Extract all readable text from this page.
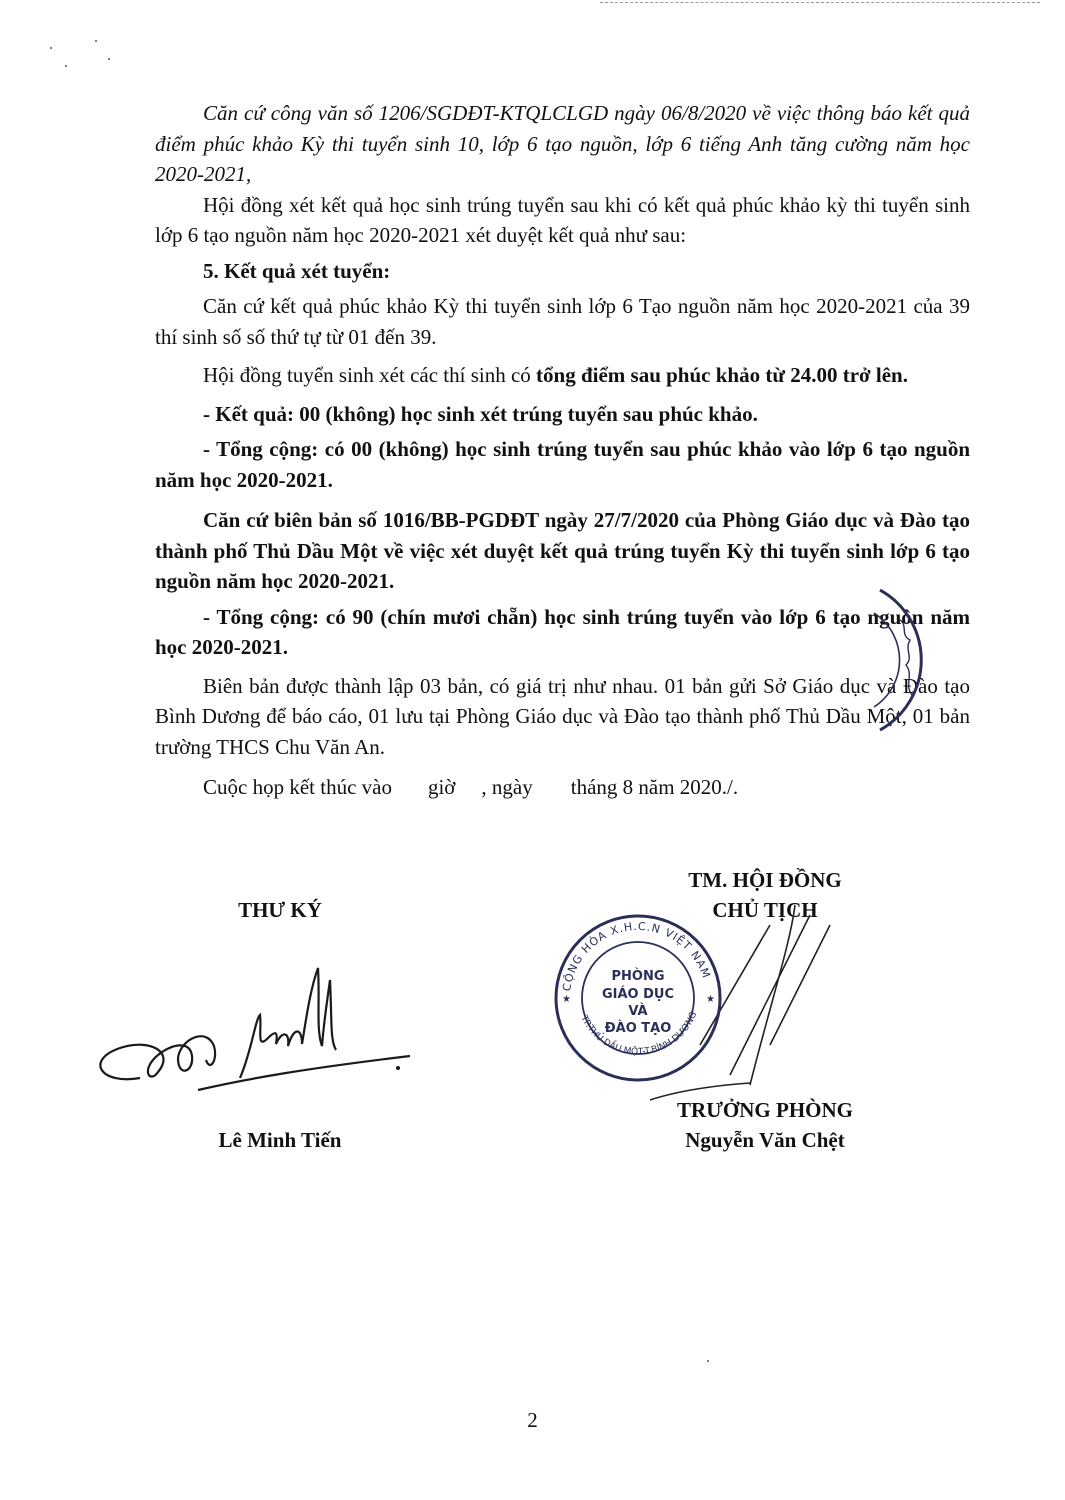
Căn cứ công văn số 1206/SGDĐT-KTQLCLGD ngày 06/8/2020 về việc thông báo kết quả điểm phúc khảo Kỳ thi tuyển sinh 10, lớp 6 tạo nguồn, lớp 6 tiếng Anh tăng cường năm học 2020-2021,

Hội đồng xét kết quả học sinh trúng tuyển sau khi có kết quả phúc khảo kỳ thi tuyển sinh lớp 6 tạo nguồn năm học 2020-2021 xét duyệt kết quả như sau:

5. Kết quả xét tuyển:

Căn cứ kết quả phúc khảo Kỳ thi tuyển sinh lớp 6 Tạo nguồn năm học 2020-2021 của 39 thí sinh số số thứ tự từ 01 đến 39.

Hội đồng tuyển sinh xét các thí sinh có tổng điểm sau phúc khảo từ 24.00 trở lên.

- Kết quả: 00 (không) học sinh xét trúng tuyển sau phúc khảo.

- Tổng cộng: có 00 (không) học sinh trúng tuyển sau phúc khảo vào lớp 6 tạo nguồn năm học 2020-2021.

Căn cứ biên bản số 1016/BB-PGDĐT ngày 27/7/2020 của Phòng Giáo dục và Đào tạo thành phố Thủ Dầu Một về việc xét duyệt kết quả trúng tuyển Kỳ thi tuyển sinh lớp 6 tạo nguồn năm học 2020-2021.

- Tổng cộng: có 90 (chín mươi chẵn) học sinh trúng tuyển vào lớp 6 tạo nguồn năm học 2020-2021.

Biên bản được thành lập 03 bản, có giá trị như nhau. 01 bản gửi Sở Giáo dục và Đào tạo Bình Dương để báo cáo, 01 lưu tại Phòng Giáo dục và Đào tạo thành phố Thủ Dầu Một, 01 bản trường THCS Chu Văn An.

Cuộc họp kết thúc vào giờ , ngày tháng 8 năm 2020./.

THƯ KÝ
Lê Minh Tiến
TM. HỘI ĐỒNG
CHỦ TỊCH
CỘNG HÒA X.H.C.N VIỆT NAM
TP.THỦ DẦU MỘT-T.BÌNH DƯƠNG
★	★
PHÒNG
GIÁO DỤC
VÀ
ĐÀO TẠO
TRƯỞNG PHÒNG
Nguyễn Văn Chệt
2
